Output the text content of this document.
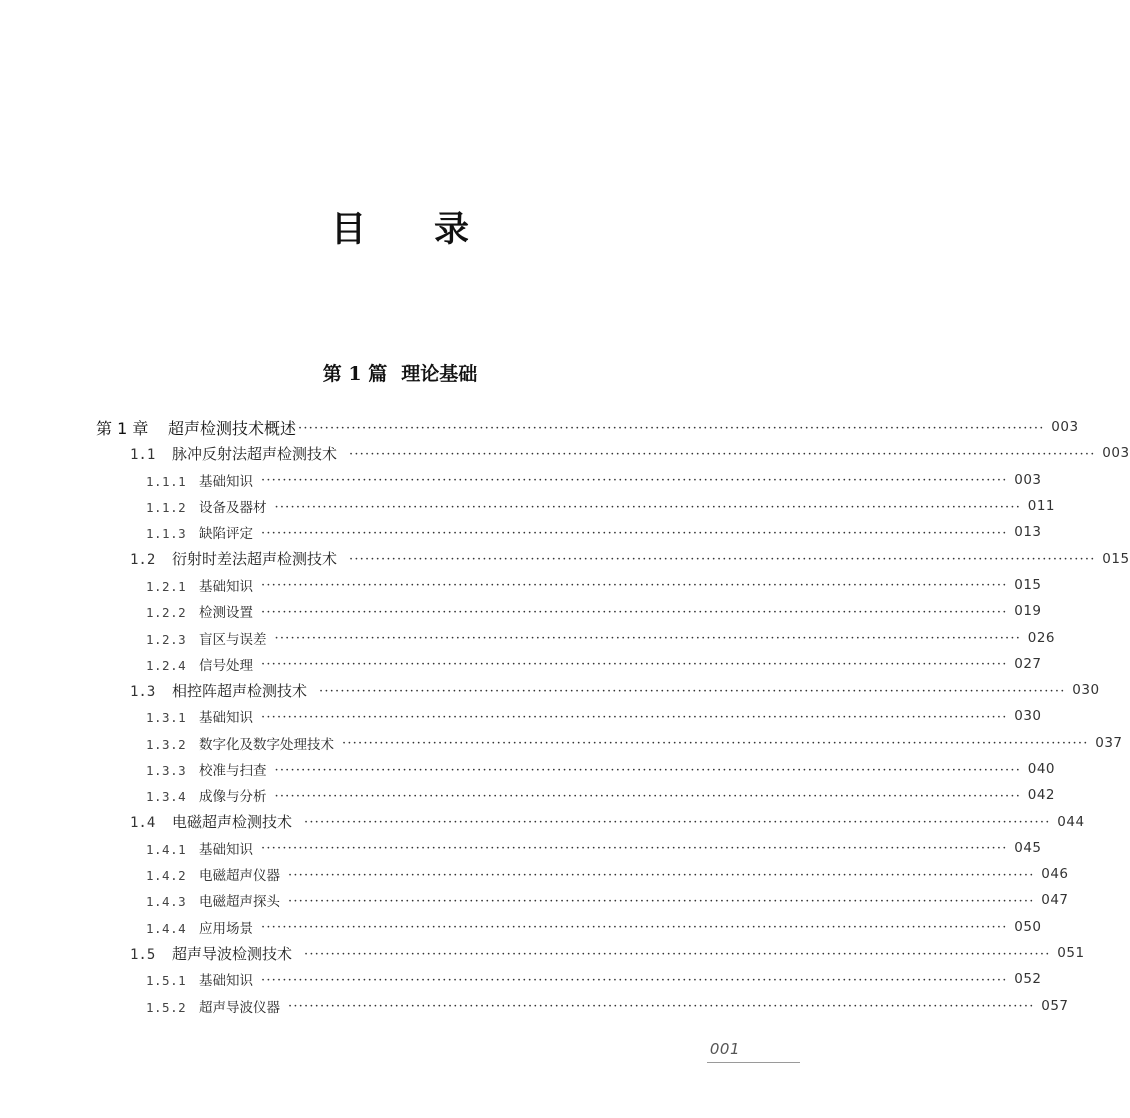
目录
第 1 篇 理论基础
第 1 章	超声检测技术概述 ············································································································································ 003
1.1	脉冲反射法超声检测技术 ············································································································································ 003
1.1.1 基础知识 ············································································································································ 003
1.1.2 设备及器材 ············································································································································ 011
1.1.3 缺陷评定 ············································································································································ 013
1.2	衍射时差法超声检测技术 ············································································································································ 015
1.2.1 基础知识 ············································································································································ 015
1.2.2 检测设置 ············································································································································ 019
1.2.3 盲区与误差 ············································································································································ 026
1.2.4 信号处理 ············································································································································ 027
1.3	相控阵超声检测技术 ············································································································································ 030
1.3.1 基础知识 ············································································································································ 030
1.3.2 数字化及数字处理技术 ············································································································································ 037
1.3.3 校准与扫查 ············································································································································ 040
1.3.4 成像与分析 ············································································································································ 042
1.4	电磁超声检测技术 ············································································································································ 044
1.4.1 基础知识 ············································································································································ 045
1.4.2 电磁超声仪器 ············································································································································ 046
1.4.3 电磁超声探头 ············································································································································ 047
1.4.4 应用场景 ············································································································································ 050
1.5	超声导波检测技术 ············································································································································ 051
1.5.1 基础知识 ············································································································································ 052
1.5.2 超声导波仪器 ············································································································································ 057
001
